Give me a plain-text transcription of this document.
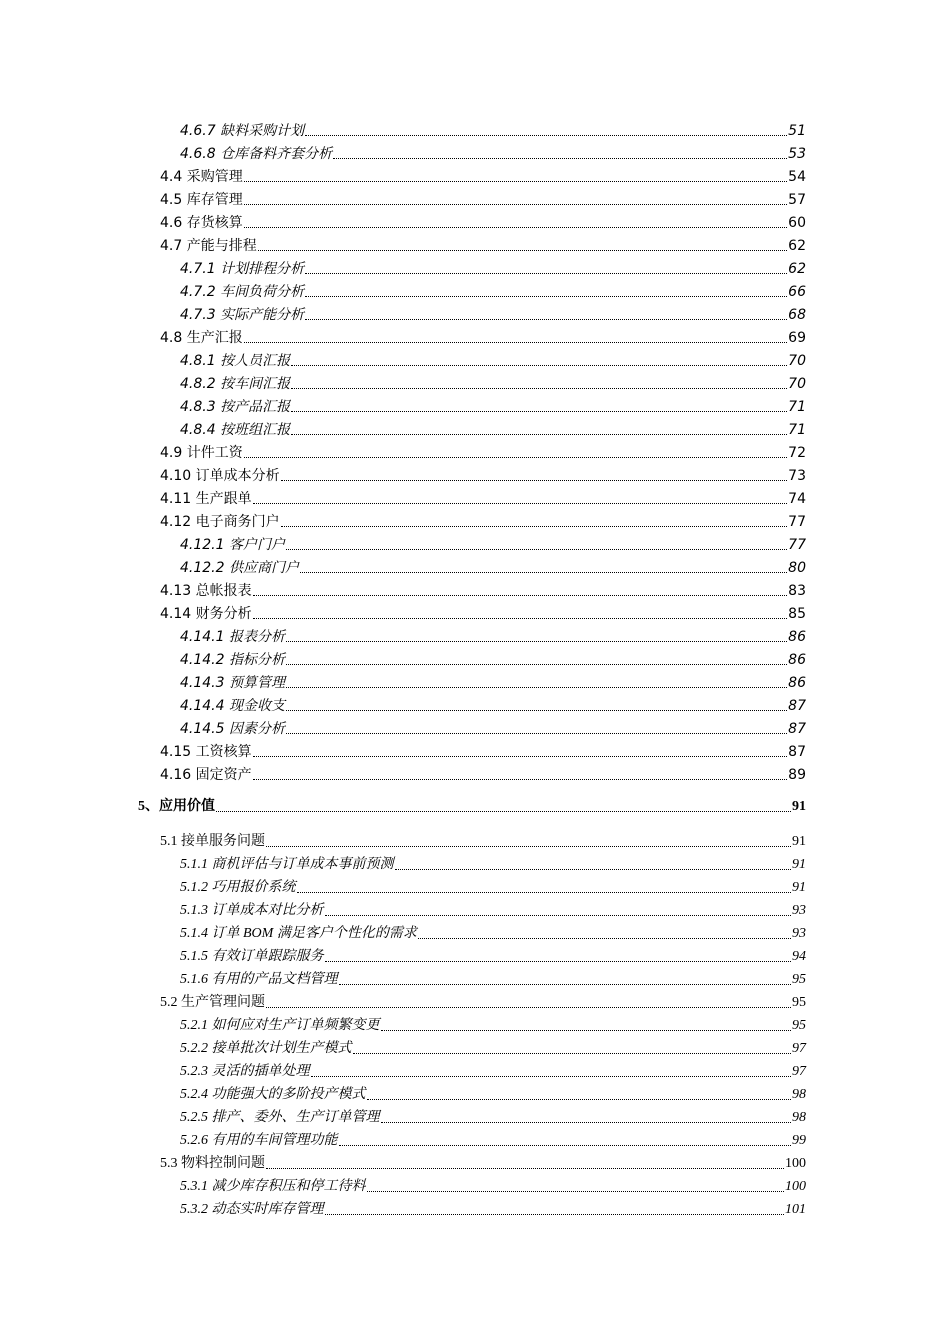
4.6.7 缺料采购计划	51
4.6.8 仓库备料齐套分析	53
4.4 采购管理	54
4.5 库存管理	57
4.6 存货核算	60
4.7 产能与排程	62
4.7.1 计划排程分析	62
4.7.2 车间负荷分析	66
4.7.3 实际产能分析	68
4.8 生产汇报	69
4.8.1 按人员汇报	70
4.8.2 按车间汇报	70
4.8.3 按产品汇报	71
4.8.4 按班组汇报	71
4.9 计件工资	72
4.10 订单成本分析	73
4.11 生产跟单	74
4.12 电子商务门户	77
4.12.1 客户门户	77
4.12.2 供应商门户	80
4.13 总帐报表	83
4.14 财务分析	85
4.14.1 报表分析	86
4.14.2 指标分析	86
4.14.3 预算管理	86
4.14.4 现金收支	87
4.14.5 因素分析	87
4.15 工资核算	87
4.16 固定资产	89
5、应用价值	91
5.1 接单服务问题	91
5.1.1 商机评估与订单成本事前预测	91
5.1.2 巧用报价系统	91
5.1.3 订单成本对比分析	93
5.1.4 订单 BOM 满足客户个性化的需求	93
5.1.5 有效订单跟踪服务	94
5.1.6 有用的产品文档管理	95
5.2 生产管理问题	95
5.2.1 如何应对生产订单频繁变更	95
5.2.2 接单批次计划生产模式	97
5.2.3 灵活的插单处理	97
5.2.4 功能强大的多阶投产模式	98
5.2.5 排产、委外、生产订单管理	98
5.2.6 有用的车间管理功能	99
5.3 物料控制问题	100
5.3.1 减少库存积压和停工待料	100
5.3.2 动态实时库存管理	101
